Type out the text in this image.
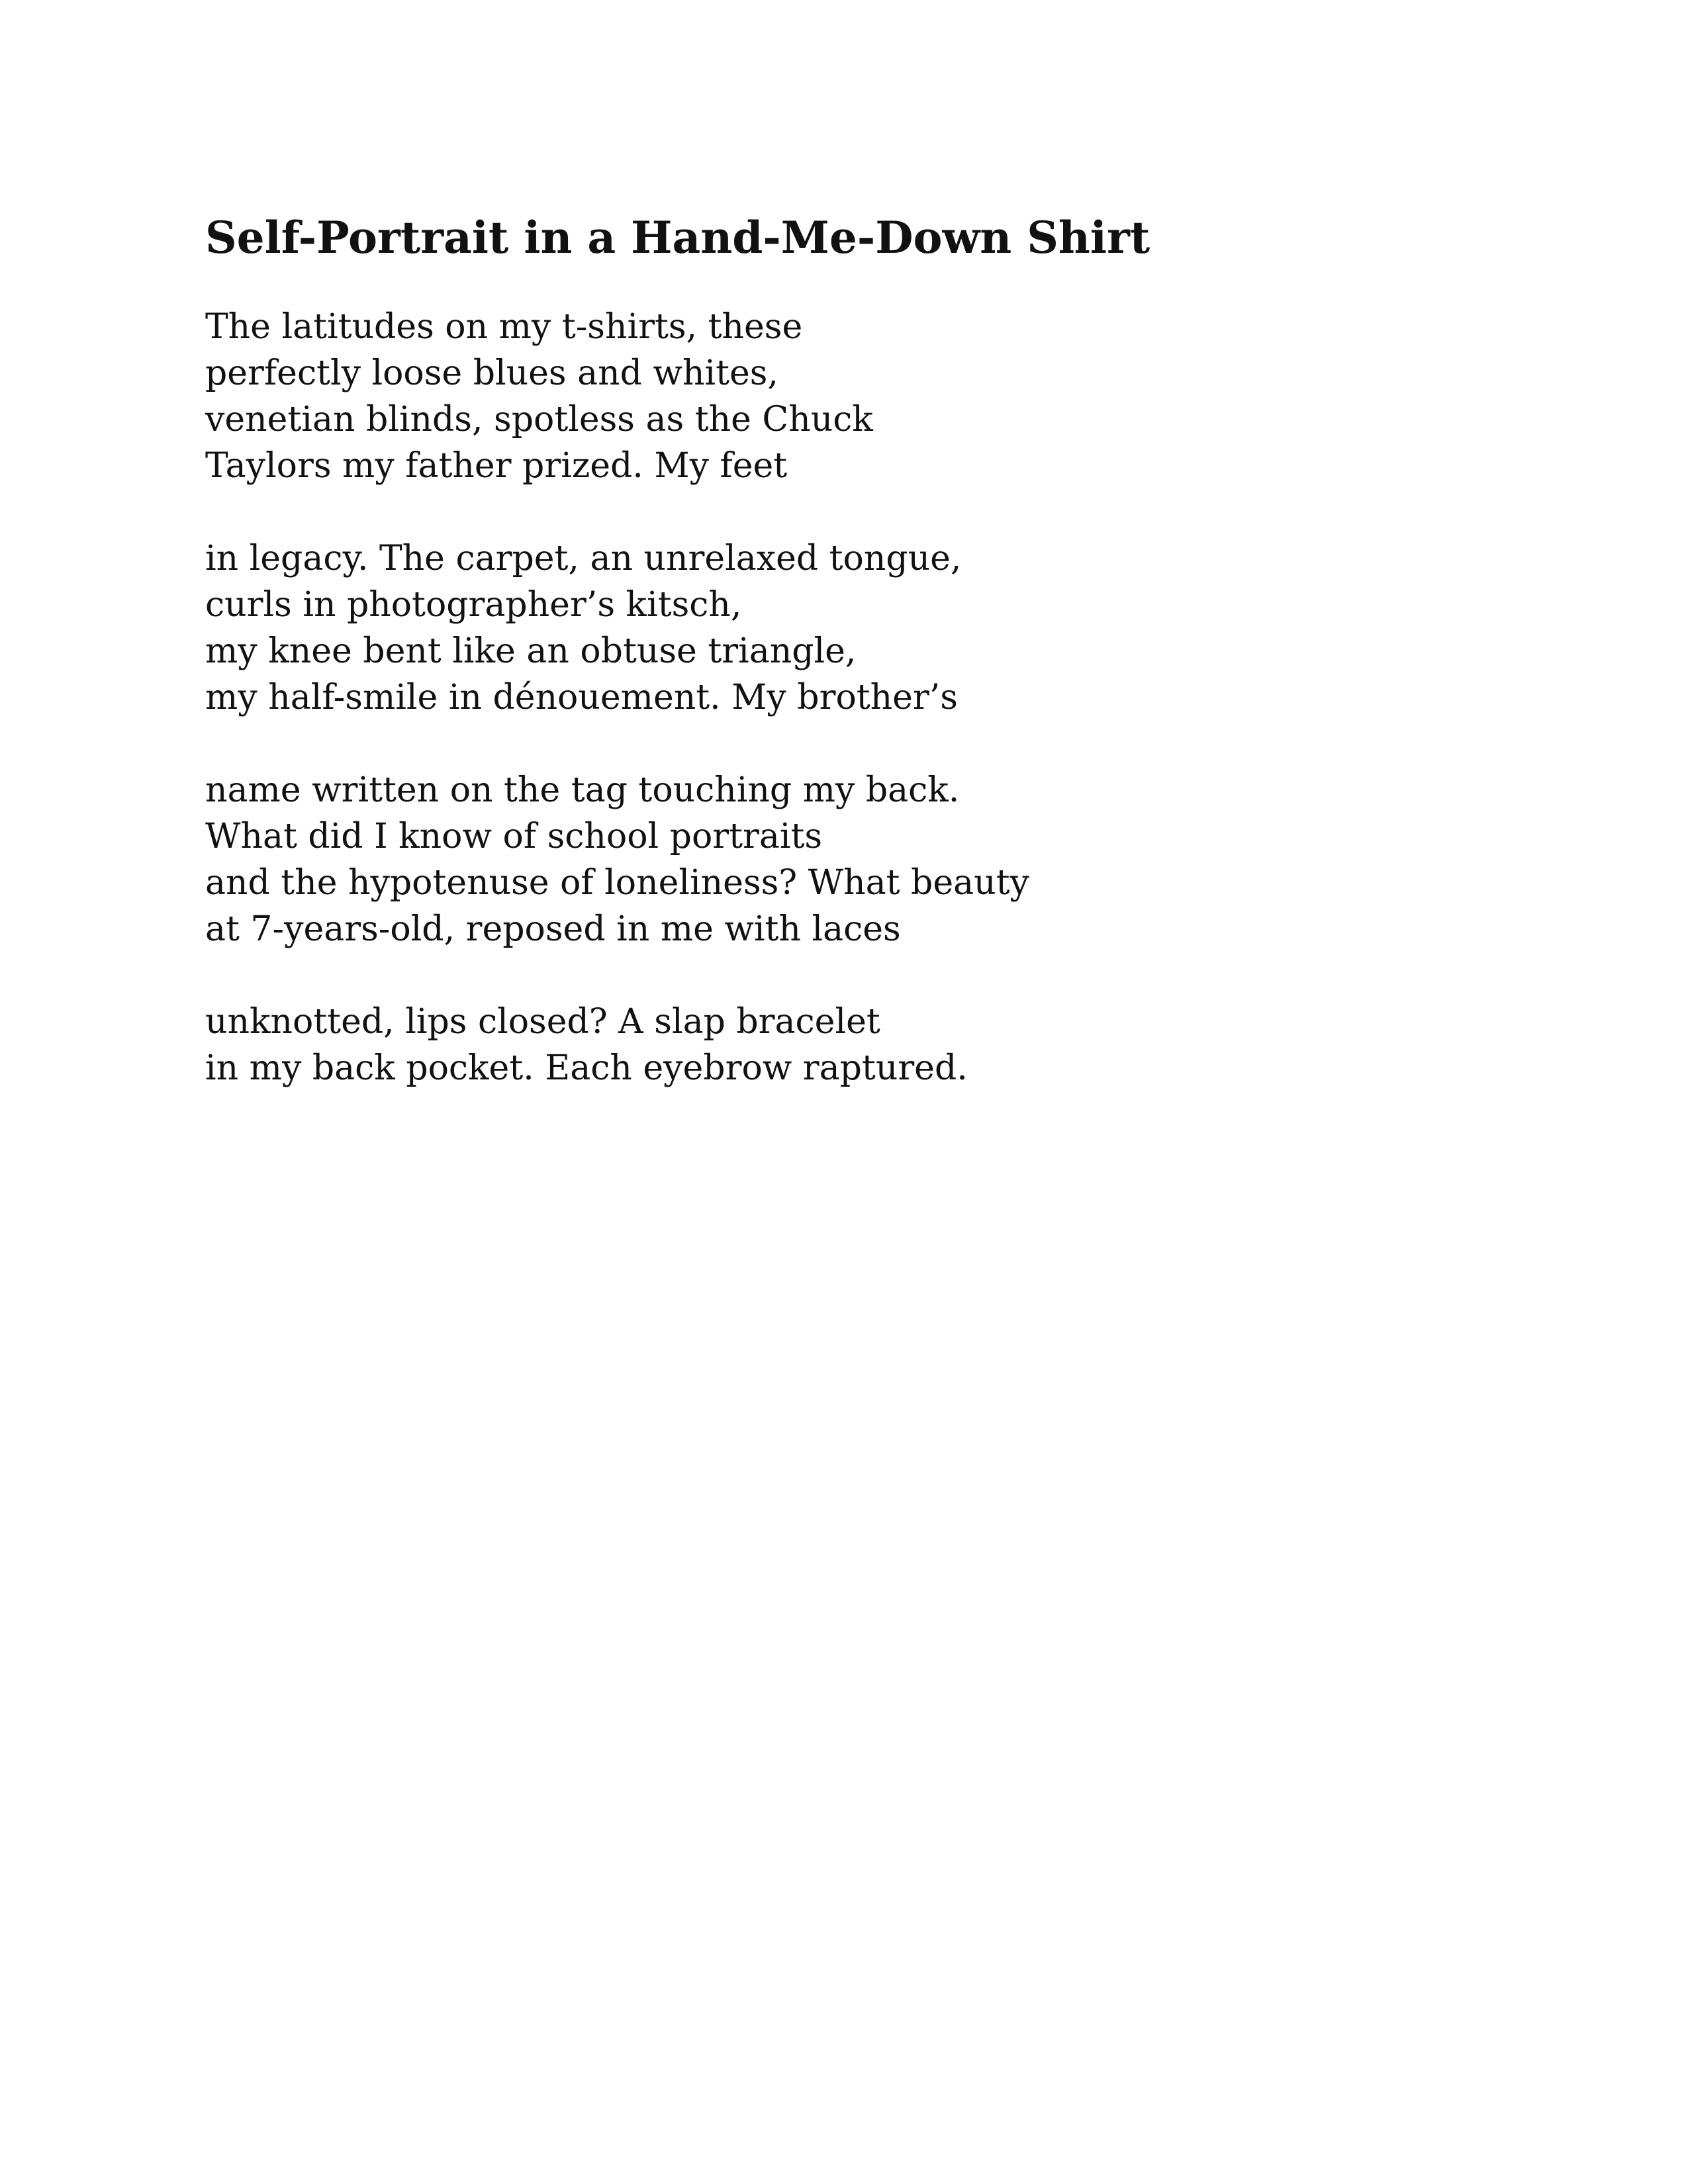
Self-Portrait in a Hand-Me-Down Shirt
The latitudes on my t-shirts, these
perfectly loose blues and whites,
venetian blinds, spotless as the Chuck
Taylors my father prized. My feet
in legacy. The carpet, an unrelaxed tongue,
curls in photographer’s kitsch,
my knee bent like an obtuse triangle,
my half-smile in dénouement. My brother’s
name written on the tag touching my back.
What did I know of school portraits
and the hypotenuse of loneliness? What beauty
at 7-years-old, reposed in me with laces
unknotted, lips closed? A slap bracelet
in my back pocket. Each eyebrow raptured.
